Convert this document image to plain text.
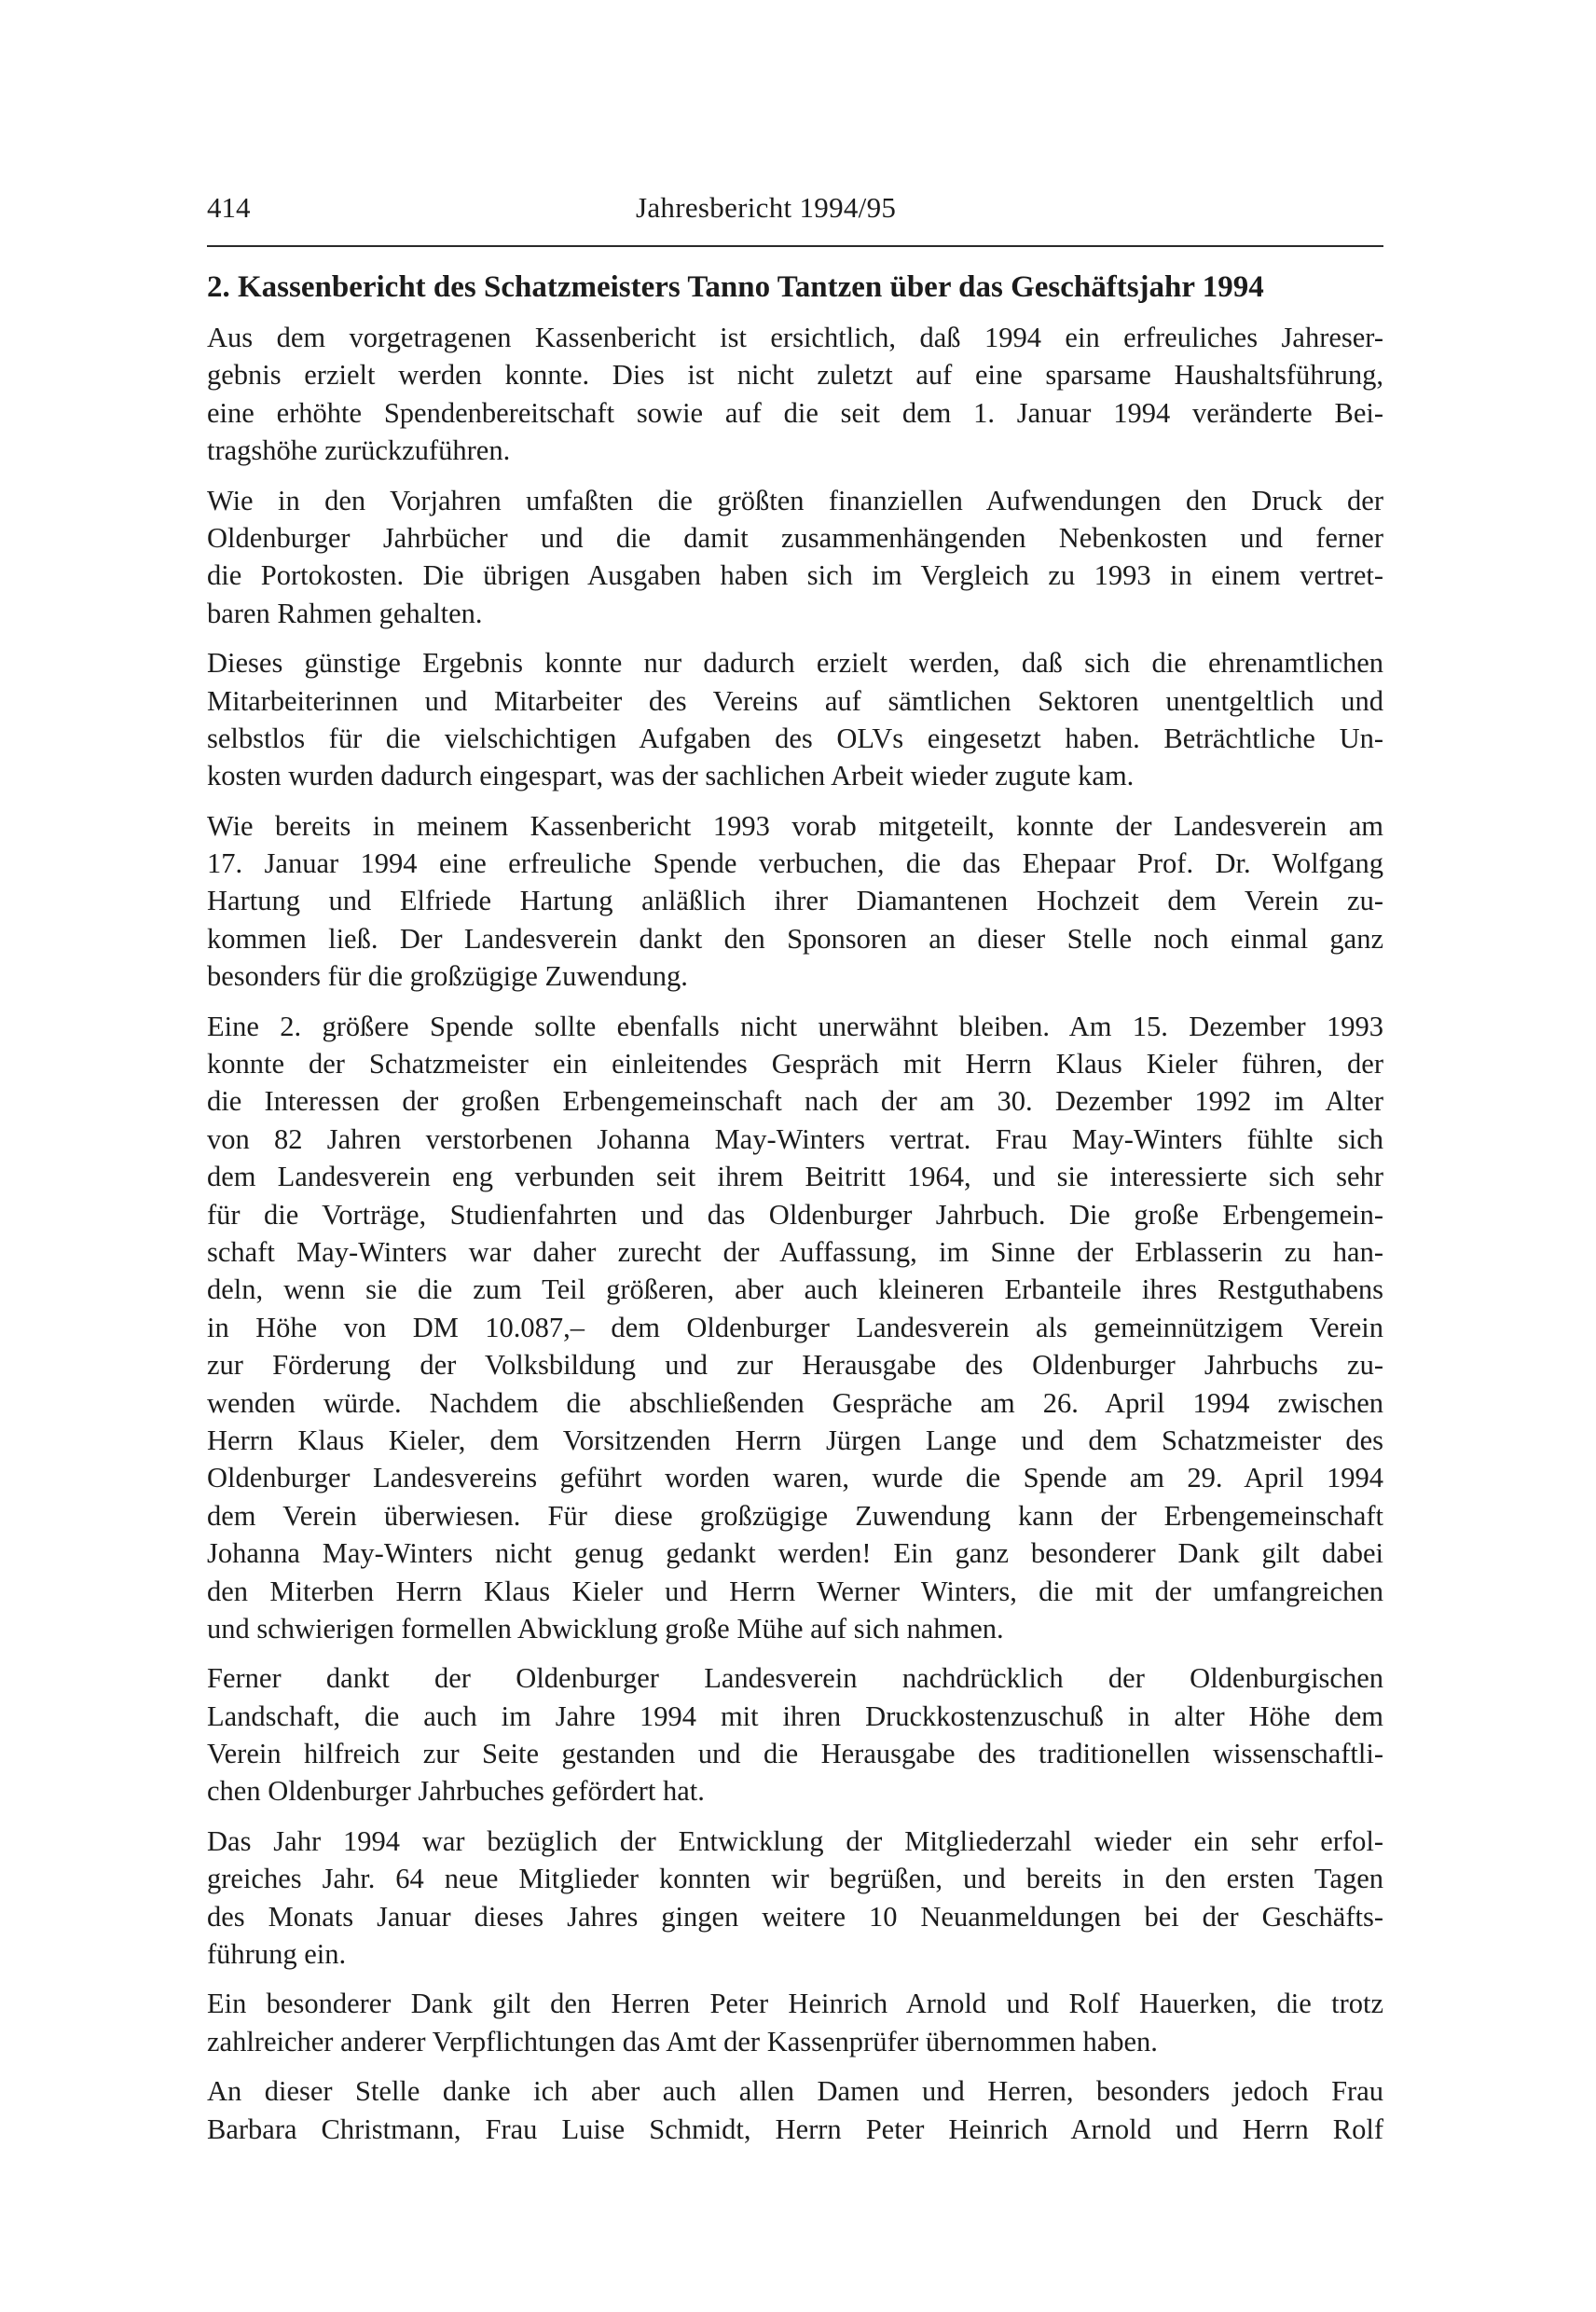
414	Jahresbericht 1994/95
2. Kassenbericht des Schatzmeisters Tanno Tantzen über das Geschäftsjahr 1994
Aus dem vorgetragenen Kassenbericht ist ersichtlich, daß 1994 ein erfreuliches Jahreser-
gebnis erzielt werden konnte. Dies ist nicht zuletzt auf eine sparsame Haushaltsführung,
eine erhöhte Spendenbereitschaft sowie auf die seit dem 1. Januar 1994 veränderte Bei-
tragshöhe zurückzuführen.
Wie in den Vorjahren umfaßten die größten finanziellen Aufwendungen den Druck der
Oldenburger Jahrbücher und die damit zusammenhängenden Nebenkosten und ferner
die Portokosten. Die übrigen Ausgaben haben sich im Vergleich zu 1993 in einem vertret-
baren Rahmen gehalten.
Dieses günstige Ergebnis konnte nur dadurch erzielt werden, daß sich die ehrenamtlichen
Mitarbeiterinnen und Mitarbeiter des Vereins auf sämtlichen Sektoren unentgeltlich und
selbstlos für die vielschichtigen Aufgaben des OLVs eingesetzt haben. Beträchtliche Un-
kosten wurden dadurch eingespart, was der sachlichen Arbeit wieder zugute kam.
Wie bereits in meinem Kassenbericht 1993 vorab mitgeteilt, konnte der Landesverein am
17. Januar 1994 eine erfreuliche Spende verbuchen, die das Ehepaar Prof. Dr. Wolfgang
Hartung und Elfriede Hartung anläßlich ihrer Diamantenen Hochzeit dem Verein zu-
kommen ließ. Der Landesverein dankt den Sponsoren an dieser Stelle noch einmal ganz
besonders für die großzügige Zuwendung.
Eine 2. größere Spende sollte ebenfalls nicht unerwähnt bleiben. Am 15. Dezember 1993
konnte der Schatzmeister ein einleitendes Gespräch mit Herrn Klaus Kieler führen, der
die Interessen der großen Erbengemeinschaft nach der am 30. Dezember 1992 im Alter
von 82 Jahren verstorbenen Johanna May-Winters vertrat. Frau May-Winters fühlte sich
dem Landesverein eng verbunden seit ihrem Beitritt 1964, und sie interessierte sich sehr
für die Vorträge, Studienfahrten und das Oldenburger Jahrbuch. Die große Erbengemein-
schaft May-Winters war daher zurecht der Auffassung, im Sinne der Erblasserin zu han-
deln, wenn sie die zum Teil größeren, aber auch kleineren Erbanteile ihres Restguthabens
in Höhe von DM 10.087,– dem Oldenburger Landesverein als gemeinnützigem Verein
zur Förderung der Volksbildung und zur Herausgabe des Oldenburger Jahrbuchs zu-
wenden würde. Nachdem die abschließenden Gespräche am 26. April 1994 zwischen
Herrn Klaus Kieler, dem Vorsitzenden Herrn Jürgen Lange und dem Schatzmeister des
Oldenburger Landesvereins geführt worden waren, wurde die Spende am 29. April 1994
dem Verein überwiesen. Für diese großzügige Zuwendung kann der Erbengemeinschaft
Johanna May-Winters nicht genug gedankt werden! Ein ganz besonderer Dank gilt dabei
den Miterben Herrn Klaus Kieler und Herrn Werner Winters, die mit der umfangreichen
und schwierigen formellen Abwicklung große Mühe auf sich nahmen.
Ferner dankt der Oldenburger Landesverein nachdrücklich der Oldenburgischen
Landschaft, die auch im Jahre 1994 mit ihren Druckkostenzuschuß in alter Höhe dem
Verein hilfreich zur Seite gestanden und die Herausgabe des traditionellen wissenschaftli-
chen Oldenburger Jahrbuches gefördert hat.
Das Jahr 1994 war bezüglich der Entwicklung der Mitgliederzahl wieder ein sehr erfol-
greiches Jahr. 64 neue Mitglieder konnten wir begrüßen, und bereits in den ersten Tagen
des Monats Januar dieses Jahres gingen weitere 10 Neuanmeldungen bei der Geschäfts-
führung ein.
Ein besonderer Dank gilt den Herren Peter Heinrich Arnold und Rolf Hauerken, die trotz
zahlreicher anderer Verpflichtungen das Amt der Kassenprüfer übernommen haben.
An dieser Stelle danke ich aber auch allen Damen und Herren, besonders jedoch Frau
Barbara Christmann, Frau Luise Schmidt, Herrn Peter Heinrich Arnold und Herrn Rolf
